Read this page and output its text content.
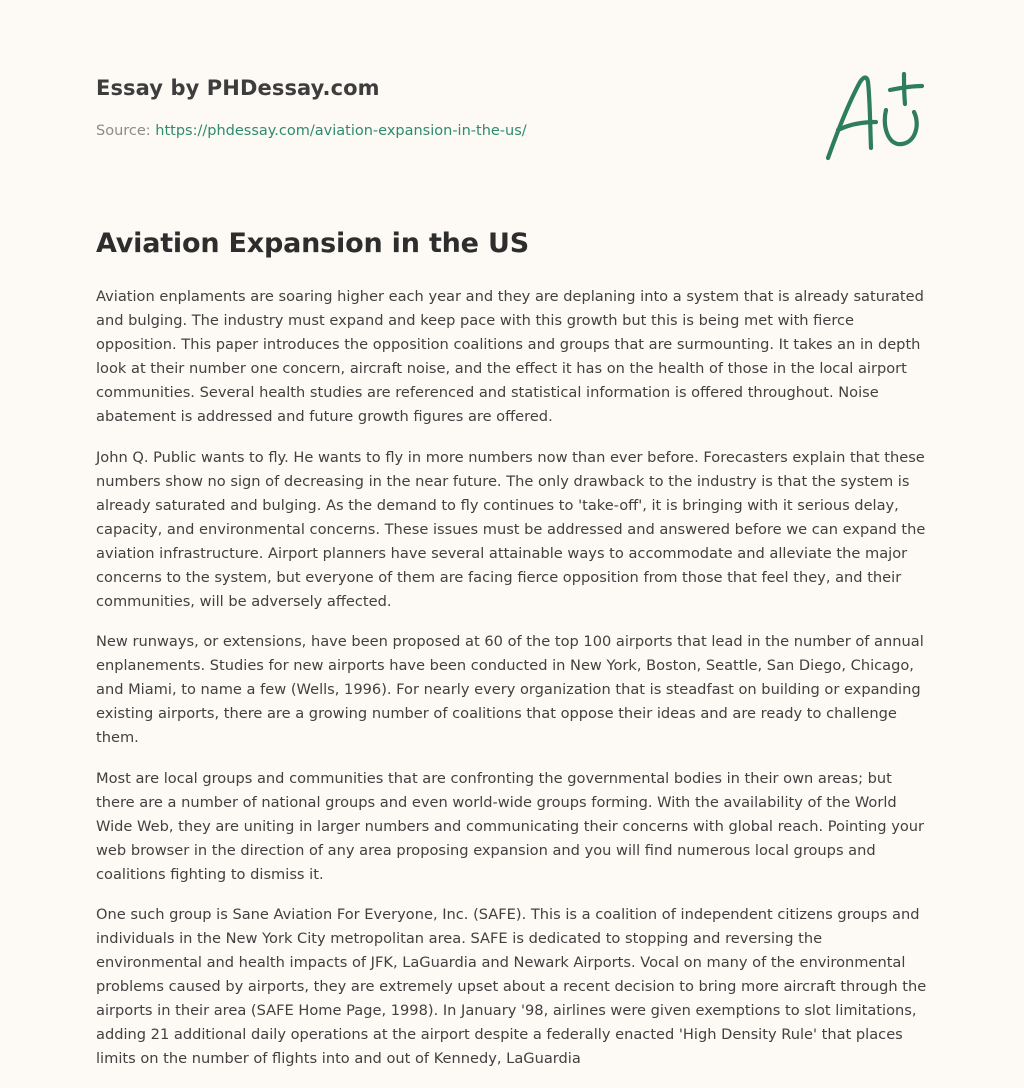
Essay by PHDessay.com

Source: https://phdessay.com/aviation-expansion-in-the-us/

Aviation Expansion in the US

Aviation enplaments are soaring higher each year and they are deplaning into a system that is already saturated and bulging. The industry must expand and keep pace with this growth but this is being met with fierce opposition. This paper introduces the opposition coalitions and groups that are surmounting. It takes an in depth look at their number one concern, aircraft noise, and the effect it has on the health of those in the local airport communities. Several health studies are referenced and statistical information is offered throughout. Noise abatement is addressed and future growth figures are offered.

John Q. Public wants to fly. He wants to fly in more numbers now than ever before. Forecasters explain that these numbers show no sign of decreasing in the near future. The only drawback to the industry is that the system is already saturated and bulging. As the demand to fly continues to 'take-off', it is bringing with it serious delay, capacity, and environmental concerns. These issues must be addressed and answered before we can expand the aviation infrastructure. Airport planners have several attainable ways to accommodate and alleviate the major concerns to the system, but everyone of them are facing fierce opposition from those that feel they, and their communities, will be adversely affected.

New runways, or extensions, have been proposed at 60 of the top 100 airports that lead in the number of annual enplanements. Studies for new airports have been conducted in New York, Boston, Seattle, San Diego, Chicago, and Miami, to name a few (Wells, 1996). For nearly every organization that is steadfast on building or expanding existing airports, there are a growing number of coalitions that oppose their ideas and are ready to challenge them.

Most are local groups and communities that are confronting the governmental bodies in their own areas; but there are a number of national groups and even world-wide groups forming. With the availability of the World Wide Web, they are uniting in larger numbers and communicating their concerns with global reach. Pointing your web browser in the direction of any area proposing expansion and you will find numerous local groups and coalitions fighting to dismiss it.

One such group is Sane Aviation For Everyone, Inc. (SAFE). This is a coalition of independent citizens groups and individuals in the New York City metropolitan area. SAFE is dedicated to stopping and reversing the environmental and health impacts of JFK, LaGuardia and Newark Airports. Vocal on many of the environmental problems caused by airports, they are extremely upset about a recent decision to bring more aircraft through the airports in their area (SAFE Home Page, 1998). In January '98, airlines were given exemptions to slot limitations, adding 21 additional daily operations at the airport despite a federally enacted 'High Density Rule' that places limits on the number of flights into and out of Kennedy, LaGuardia
